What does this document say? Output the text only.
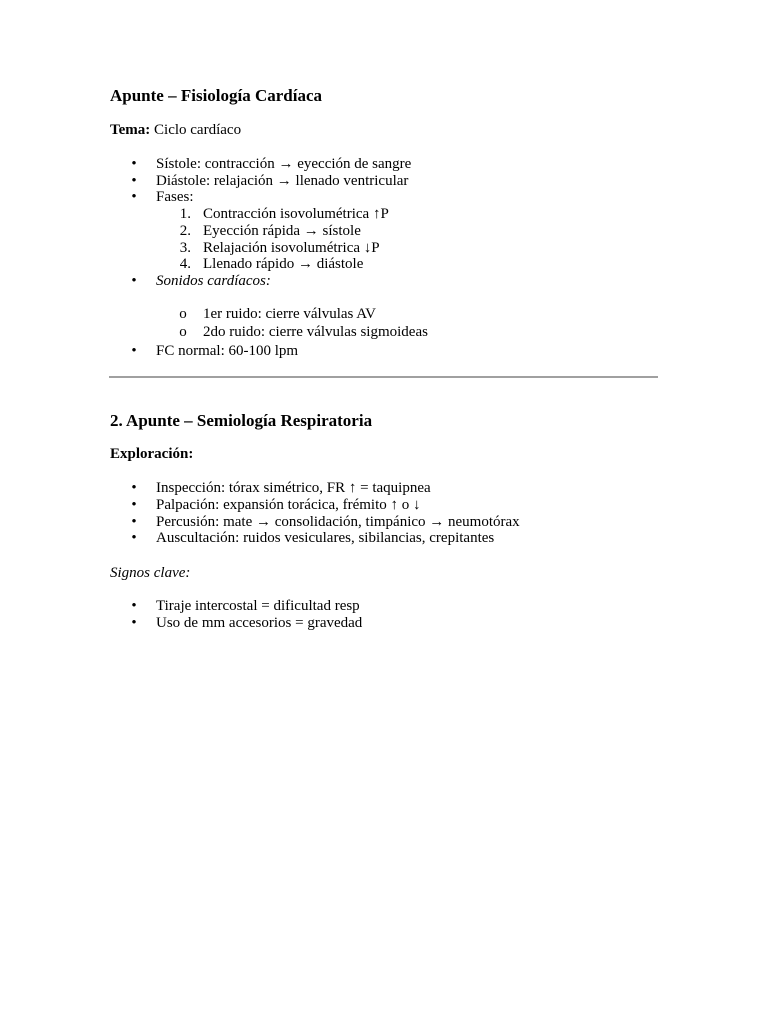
Apunte – Fisiología Cardíaca
Tema: Ciclo cardíaco
• Sístole: contracción → eyección de sangre
• Diástole: relajación → llenado ventricular
• Fases:
1. Contracción isovolumétrica ↑P
2. Eyección rápida → sístole
3. Relajación isovolumétrica ↓P
4. Llenado rápido → diástole
• Sonidos cardíacos:
o 1er ruido: cierre válvulas AV
o 2do ruido: cierre válvulas sigmoideas
• FC normal: 60-100 lpm
2. Apunte – Semiología Respiratoria
Exploración:
• Inspección: tórax simétrico, FR ↑ = taquipnea
• Palpación: expansión torácica, frémito ↑ o ↓
• Percusión: mate → consolidación, timpánico → neumotórax
• Auscultación: ruidos vesiculares, sibilancias, crepitantes
Signos clave:
• Tiraje intercostal = dificultad resp
• Uso de mm accesorios = gravedad
